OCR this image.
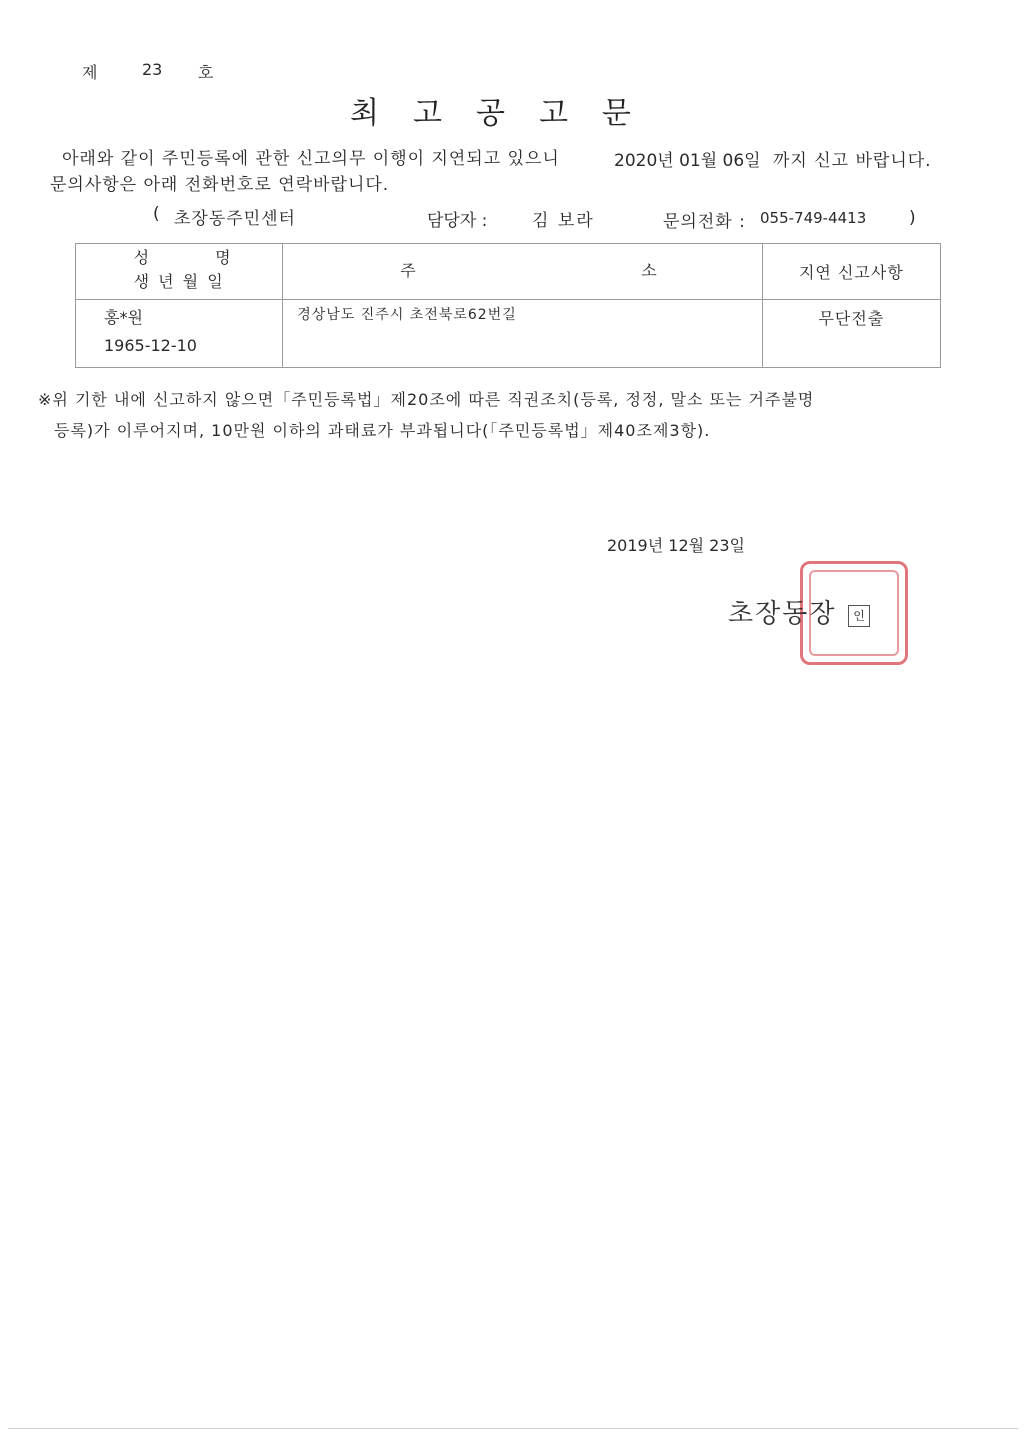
제	23 호
최고공고문
아래와 같이 주민등록에 관한 신고의무 이행이 지연되고 있으니	2020년 01월 06일 까지 신고 바랍니다.
문의사항은 아래 전화번호로 연락바랍니다.
( 초장동주민센터	담당자 :	김 보라	문의전화 : 055-749-4413	)
성 명
생 년 월 일	주 소	지연 신고사항

홍*원
1965-12-10	경상남도 진주시 초전북로62번길	무단전출
※위 기한 내에 신고하지 않으면「주민등록법」제20조에 따른 직권조치(등록, 정정, 말소 또는 거주불명
등록)가 이루어지며, 10만원 이하의 과태료가 부과됩니다(「주민등록법」제40조제3항).
2019년 12월 23일
초장동장	인
